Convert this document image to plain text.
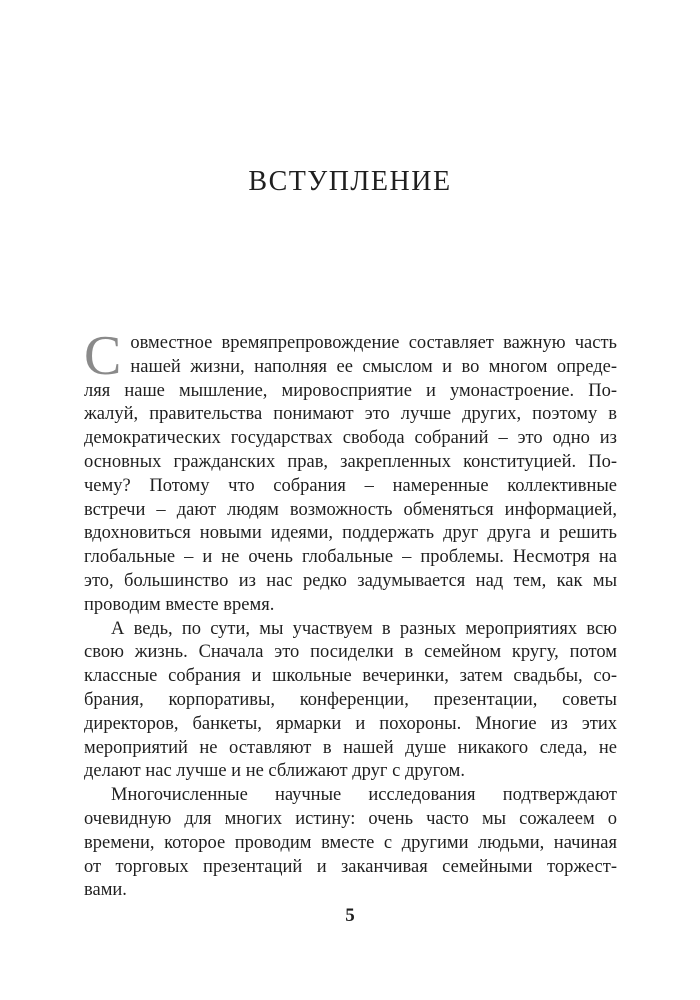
ВСТУПЛЕНИЕ
С овместное времяпрепровождение составляет важную часть
нашей жизни, наполняя ее смыслом и во многом опреде-
ляя наше мышление, мировосприятие и умонастроение. По-
жалуй, правительства понимают это лучше других, поэтому в
демократических государствах свобода собраний – это одно из
основных гражданских прав, закрепленных конституцией. По-
чему? Потому что собрания – намеренные коллективные
встречи – дают людям возможность обменяться информацией,
вдохновиться новыми идеями, поддержать друг друга и решить
глобальные – и не очень глобальные – проблемы. Несмотря на
это, большинство из нас редко задумывается над тем, как мы
проводим вместе время.
А ведь, по сути, мы участвуем в разных мероприятиях всю
свою жизнь. Сначала это посиделки в семейном кругу, потом
классные собрания и школьные вечеринки, затем свадьбы, со-
брания, корпоративы, конференции, презентации, советы
директоров, банкеты, ярмарки и похороны. Многие из этих
мероприятий не оставляют в нашей душе никакого следа, не
делают нас лучше и не сближают друг с другом.
Многочисленные научные исследования подтверждают
очевидную для многих истину: очень часто мы сожалеем о
времени, которое проводим вместе с другими людьми, начиная
от торговых презентаций и заканчивая семейными торжест-
вами.
5
